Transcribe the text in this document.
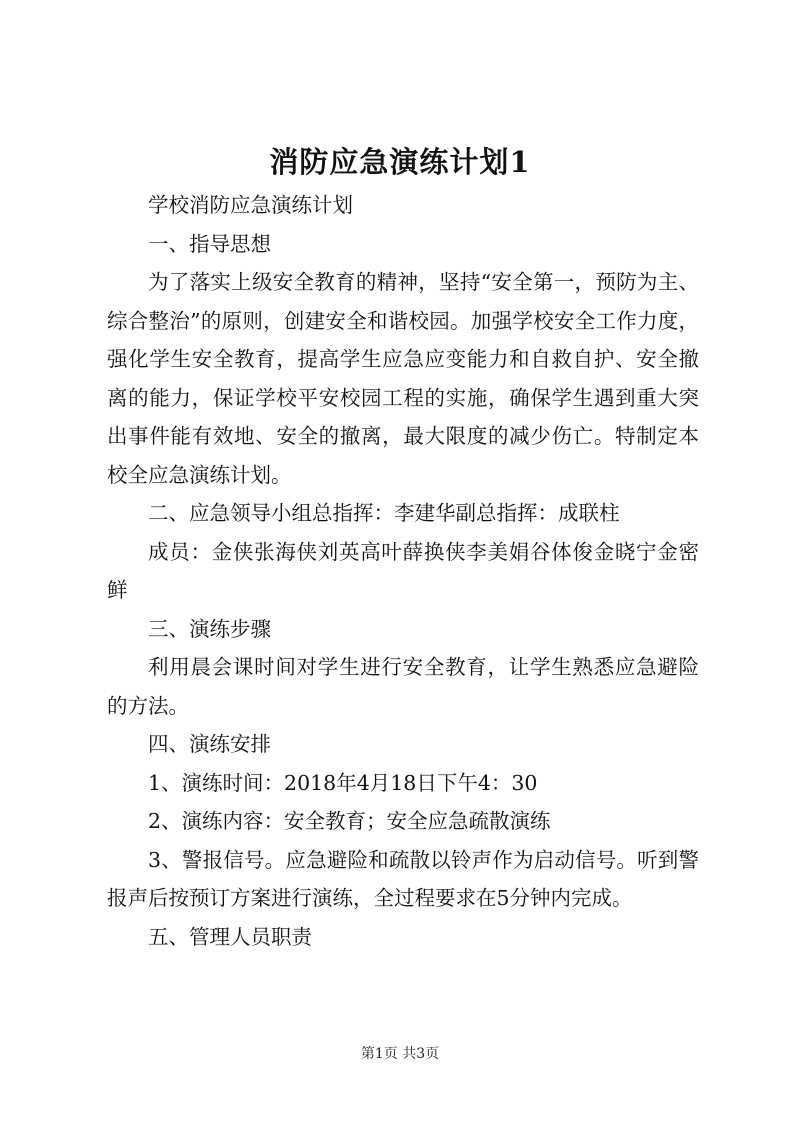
消防应急演练计划1

学校消防应急演练计划

一、指导思想

为了落实上级安全教育的精神，坚持“安全第一，预防为主、综合整治”的原则，创建安全和谐校园。加强学校安全工作力度，强化学生安全教育，提高学生应急应变能力和自救自护、安全撤离的能力，保证学校平安校园工程的实施，确保学生遇到重大突出事件能有效地、安全的撤离，最大限度的减少伤亡。特制定本校全应急演练计划。

二、应急领导小组总指挥：李建华副总指挥：成联柱

成员：金侠张海侠刘英高叶薛换侠李美娟谷体俊金晓宁金密鲜

三、演练步骤

利用晨会课时间对学生进行安全教育，让学生熟悉应急避险的方法。

四、演练安排

1、演练时间：2018年4月18日下午4：30

2、演练内容：安全教育；安全应急疏散演练

3、警报信号。应急避险和疏散以铃声作为启动信号。听到警报声后按预订方案进行演练，全过程要求在5分钟内完成。

五、管理人员职责

第1页 共3页
